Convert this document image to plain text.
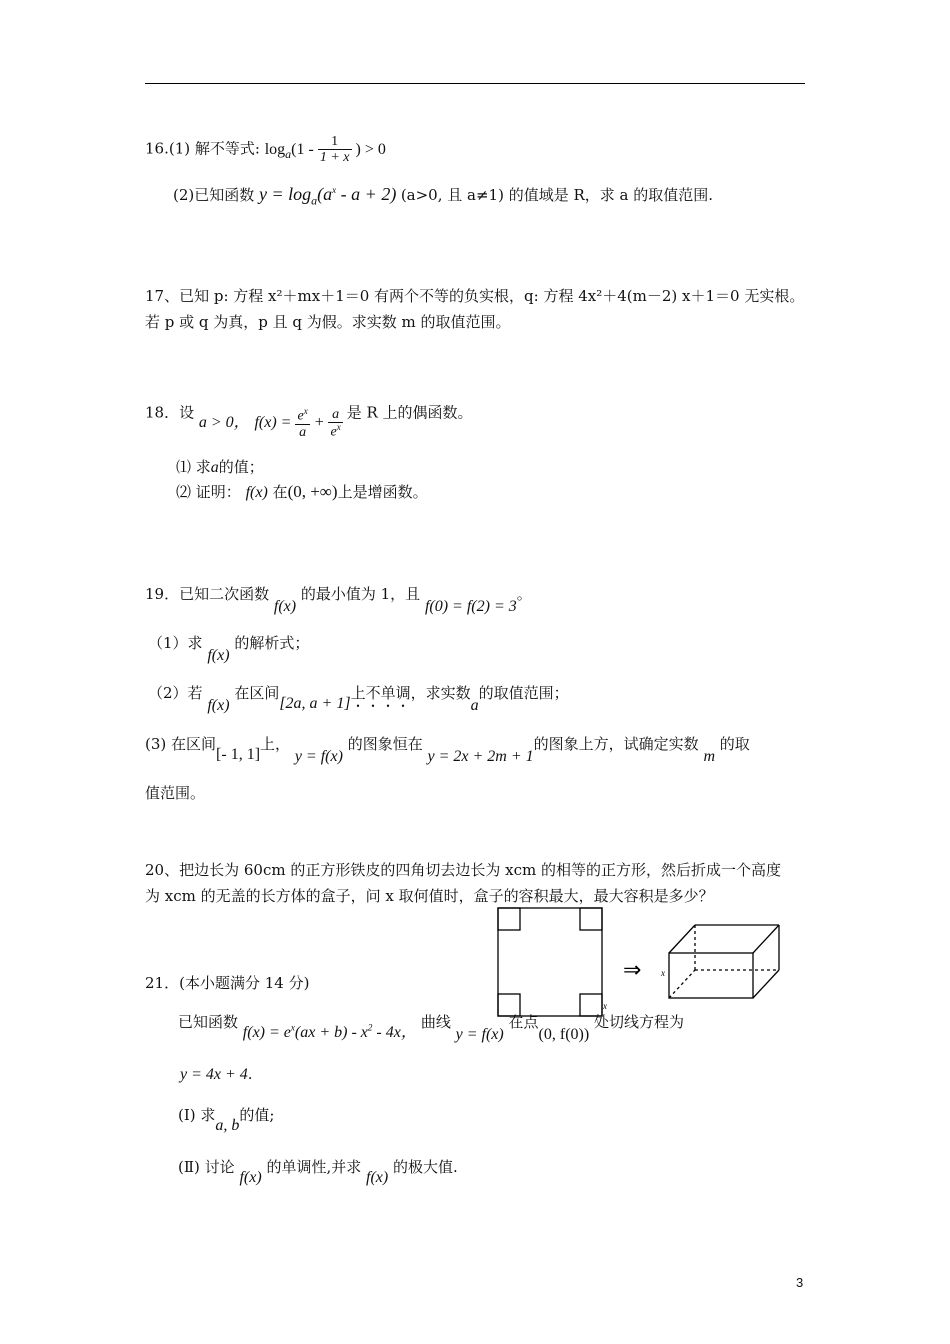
16.(1) 解不等式: $\log_a(1 - \frac{1}{1 + x}$ ) > 0
(2)已知函数 $y = \log_a(a^x - a + 2)$ (a>0, 且 a≠1) 的值域是 R，求 a 的取值范围.
17、已知 p: 方程 x²＋mx＋1＝0 有两个不等的负实根，q: 方程 4x²＋4(m－2) x＋1＝0 无实根。
若 p 或 q 为真，p 且 q 为假。求实数 m 的取值范围。
18．设 a > 0， $f(x) = \frac{e^x}{a} + \frac{a}{e^x}$ 是 R 上的偶函数。
⑴ 求a的值；
⑵ 证明： f(x) 在(0, +∞)上是增函数。
19．已知二次函数 f(x) 的最小值为 1，且 f(0) = f(2) = 3。
（1）求 f(x) 的解析式；
（2）若 f(x) 在区间[2a, a + 1]上不单调，求实数a的取值范围；
(3) 在区间[- 1, 1]上， y = f(x) 的图象恒在 y = 2x + 2m + 1的图象上方，试确定实数 m 的取
值范围。
20、把边长为 60cm 的正方形铁皮的四角切去边长为 xcm 的相等的正方形，然后折成一个高度
为 xcm 的无盖的长方体的盒子，问 x 取何值时，盒子的容积最大，最大容积是多少？
x
x
⇒
21．(本小题满分 14 分)
已知函数 $f(x) = e^x(ax + b) - x^2 - 4x$， 曲线 y = f(x) 在点(0, f(0)) 处切线方程为
y = 4x + 4.
(Ⅰ) 求a, b的值;
(Ⅱ) 讨论 f(x) 的单调性,并求 f(x) 的极大值.
3
